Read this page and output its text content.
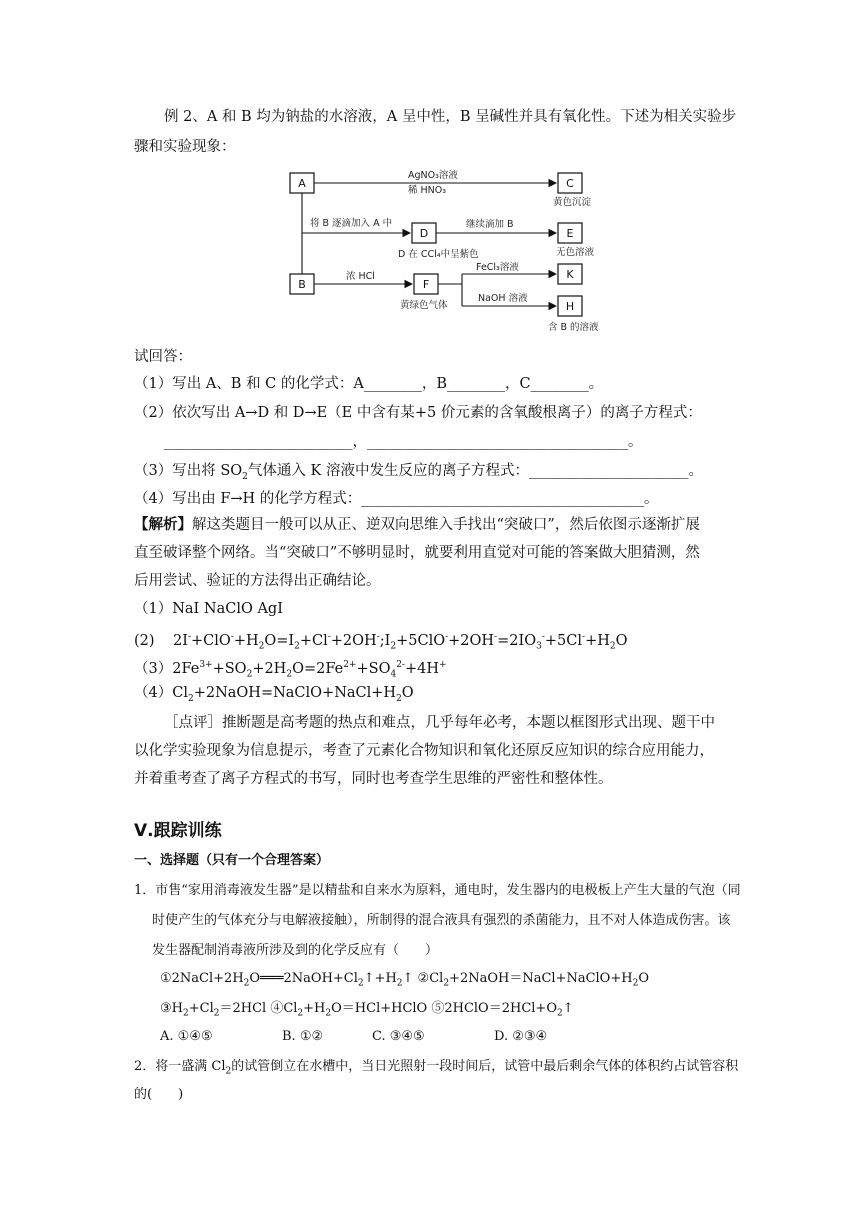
例 2、A 和 B 均为钠盐的水溶液，A 呈中性，B 呈碱性并具有氧化性。下述为相关实验步
骤和实验现象：
A	C
D	E
B	F
K
H
AgNO₃溶液
稀 HNO₃
黄色沉淀
将 B 逐滴加入 A 中	继续滴加 B
D 在 CCl₄中呈紫色	无色溶液
浓 HCl
FeCl₃溶液
NaOH 溶液
黄绿色气体
含 B 的溶液
试回答：
（1）写出 A、B 和 C 的化学式：A________，B________，C________。
（2）依次写出 A→D 和 D→E（E 中含有某+5 价元素的含氧酸根离子）的离子方程式：
__________________________，____________________________________。
（3）写出将 $SO_2$气体通入 K 溶液中发生反应的离子方程式：______________________。
（4）写出由 F→H 的化学方程式：_______________________________________。
【解析】解这类题目一般可以从正、逆双向思维入手找出“突破口”，然后依图示逐渐扩展
直至破译整个网络。当“突破口”不够明显时，就要利用直觉对可能的答案做大胆猜测，然
后用尝试、验证的方法得出正确结论。
（1）NaI NaClO AgI
(2)    $2I^-+ClO^-+H_2O=I_2+Cl^-+2OH^-;I_2+5ClO^-+2OH^-=2IO_3^-+5Cl^-+H_2O$
$(3)2Fe^{3+}+SO_2+2H_2O=2Fe^{2+}+SO_4^{2-}+4H^+$
$(4)Cl_2+2NaOH=NaClO+NaCl+H_2O$
［点评］推断题是高考题的热点和难点，几乎每年必考，本题以框图形式出现、题干中
以化学实验现象为信息提示，考查了元素化合物知识和氧化还原反应知识的综合应用能力，
并着重考查了离子方程式的书写，同时也考查学生思维的严密性和整体性。
Ⅴ.跟踪训练
一、选择题（只有一个合理答案）
1．市售“家用消毒液发生器”是以精盐和自来水为原料，通电时，发生器内的电极板上产生大量的气泡（同
时使产生的气体充分与电解液接触），所制得的混合液具有强烈的杀菌能力，且不对人体造成伤害。该
发生器配制消毒液所涉及到的化学反应有（　　）
$①2NaCl+2H_2O═══2NaOH+Cl_2↑+H_2↑$ $②Cl_2+2NaOH=NaCl+NaClO+H_2O$
$③H_2+Cl_2=2HCl$ $④Cl_2+H_2O=HCl+HClO$ $⑤2HClO=2HCl+O_2↑$
A. ①④⑤	B. ①②	C. ③④⑤	D. ②③④
2．将一盛满 $Cl_2$的试管倒立在水槽中，当日光照射一段时间后，试管中最后剩余气体的体积约占试管容积
的(　　)
